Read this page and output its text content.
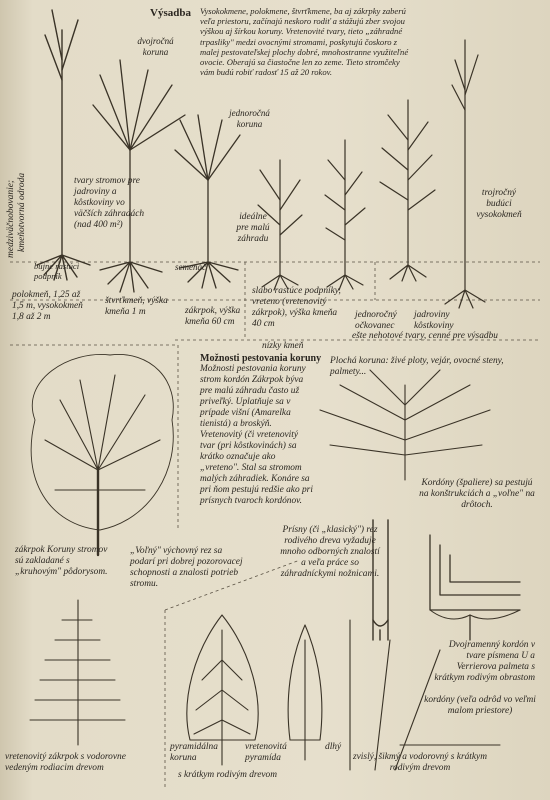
Výsadba Vysokokmene, polokmene, štvrťkmene, ba aj zákrpky zaberú veľa priestoru, začínajú neskoro rodiť a stážujú zber svojou výškou aj šírkou koruny. Vretenovité tvary, tieto „záhradné trpasliky" medzi ovocnými stromami, poskytujú čoskoro z malej pestovateľskej plochy dobré, mnohostranne využiteľné ovocie. Oberajú sa čiastočne len zo zeme. Tieto stromčeky vám budú robiť radosť 15 až 20 rokov.
dvojročná koruna
jednoročná koruna
tvary stromov pre jadroviny a kôstkoviny vo väčších záhradách (nad 400 m²)
ideálne pre malú záhradu
trojročný budúci vysokokmeň
medziväčnobovanie; kmeňotvorná odroda
bujne rastúci podpník
semenáč
polokmeň, 1,25 až 1,5 m, vysokokmeň 1,8 až 2 m
štvrťkmeň, výška kmeňa 1 m	zákrpok, výška kmeňa 60 cm
slabo rastúce podpníky, vreteno (vretenovitý zákrpok), výška kmeňa 40 cm
jednoročný očkovanec
jadroviny kôstkoviny
nízky kmeň
ešte nehotové tvary, cenné pre výsadbu
Možnosti pestovania koruny
Možnosti pestovania koruny strom kordón Zákrpok býva pre malú záhradu často už priveľký. Uplatňuje sa v prípade višní (Amarelka tienistá) a broskýň. Vretenovitý (či vretenovitý tvar (pri kôstkovinách) sa krátko označuje ako „vreteno". Stal sa stromom malých záhradiek. Konáre sa pri ňom pestujú redšie ako pri prísnych tvaroch kordónov.
Plochá koruna: živé ploty, vejár, ovocné steny, palmety...
Kordóny (špaliere) sa pestujú na konštrukciách a „voľne" na drôtoch.
zákrpok Koruny stromov sú zakladané s „kruhovým" pôdorysom.
„Voľný" výchovný rez sa podarí pri dobrej pozorovacej schopnosti a znalosti potrieb stromu.
Prísny (či „klasický") rez rodivého dreva vyžaduje mnoho odborných znalostí a veľa práce so záhradníckymi nožnicami.
Dvojramenný kordón v tvare písmena U a Verrierova palmeta s krátkym rodivým obrastom
kordóny (veľa odrôd vo veľmi malom priestore)
vretenovitý zákrpok s vodorovne vedeným rodiacim drevom
pyramidálna koruna
vretenovitá pyramída
dlhý
s krátkym rodivým drevom
zvislý, šikmý a vodorovný s krátkym rodivým drevom
